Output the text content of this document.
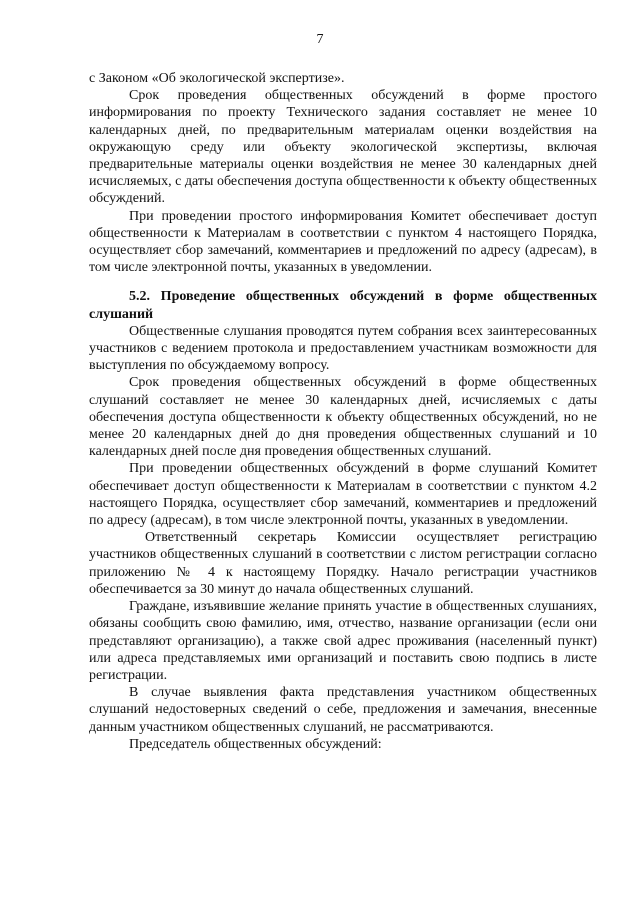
7

с Законом «Об экологической экспертизе».

Срок проведения общественных обсуждений в форме простого информирования по проекту Технического задания составляет не менее 10 календарных дней, по предварительным материалам оценки воздействия на окружающую среду или объекту экологической экспертизы, включая предварительные материалы оценки воздействия не менее 30 календарных дней исчисляемых, с даты обеспечения доступа общественности к объекту общественных обсуждений.

При проведении простого информирования Комитет обеспечивает доступ общественности к Материалам в соответствии с пунктом 4 настоящего Порядка, осуществляет сбор замечаний, комментариев и предложений по адресу (адресам), в том числе электронной почты, указанных в уведомлении.

5.2. Проведение общественных обсуждений в форме общественных слушаний

Общественные слушания проводятся путем собрания всех заинтересованных участников с ведением протокола и предоставлением участникам возможности для выступления по обсуждаемому вопросу.

Срок проведения общественных обсуждений в форме общественных слушаний составляет не менее 30 календарных дней, исчисляемых с даты обеспечения доступа общественности к объекту общественных обсуждений, но не менее 20 календарных дней до дня проведения общественных слушаний и 10 календарных дней после дня проведения общественных слушаний.

При проведении общественных обсуждений в форме слушаний Комитет обеспечивает доступ общественности к Материалам в соответствии с пунктом 4.2 настоящего Порядка, осуществляет сбор замечаний, комментариев и предложений по адресу (адресам), в том числе электронной почты, указанных в уведомлении.

Ответственный секретарь Комиссии осуществляет регистрацию участников общественных слушаний в соответствии с листом регистрации согласно приложению № 4 к настоящему Порядку. Начало регистрации участников обеспечивается за 30 минут до начала общественных слушаний.

Граждане, изъявившие желание принять участие в общественных слушаниях, обязаны сообщить свою фамилию, имя, отчество, название организации (если они представляют организацию), а также свой адрес проживания (населенный пункт) или адреса представляемых ими организаций и поставить свою подпись в листе регистрации.

В случае выявления факта представления участником общественных слушаний недостоверных сведений о себе, предложения и замечания, внесенные данным участником общественных слушаний, не рассматриваются.

Председатель общественных обсуждений:
